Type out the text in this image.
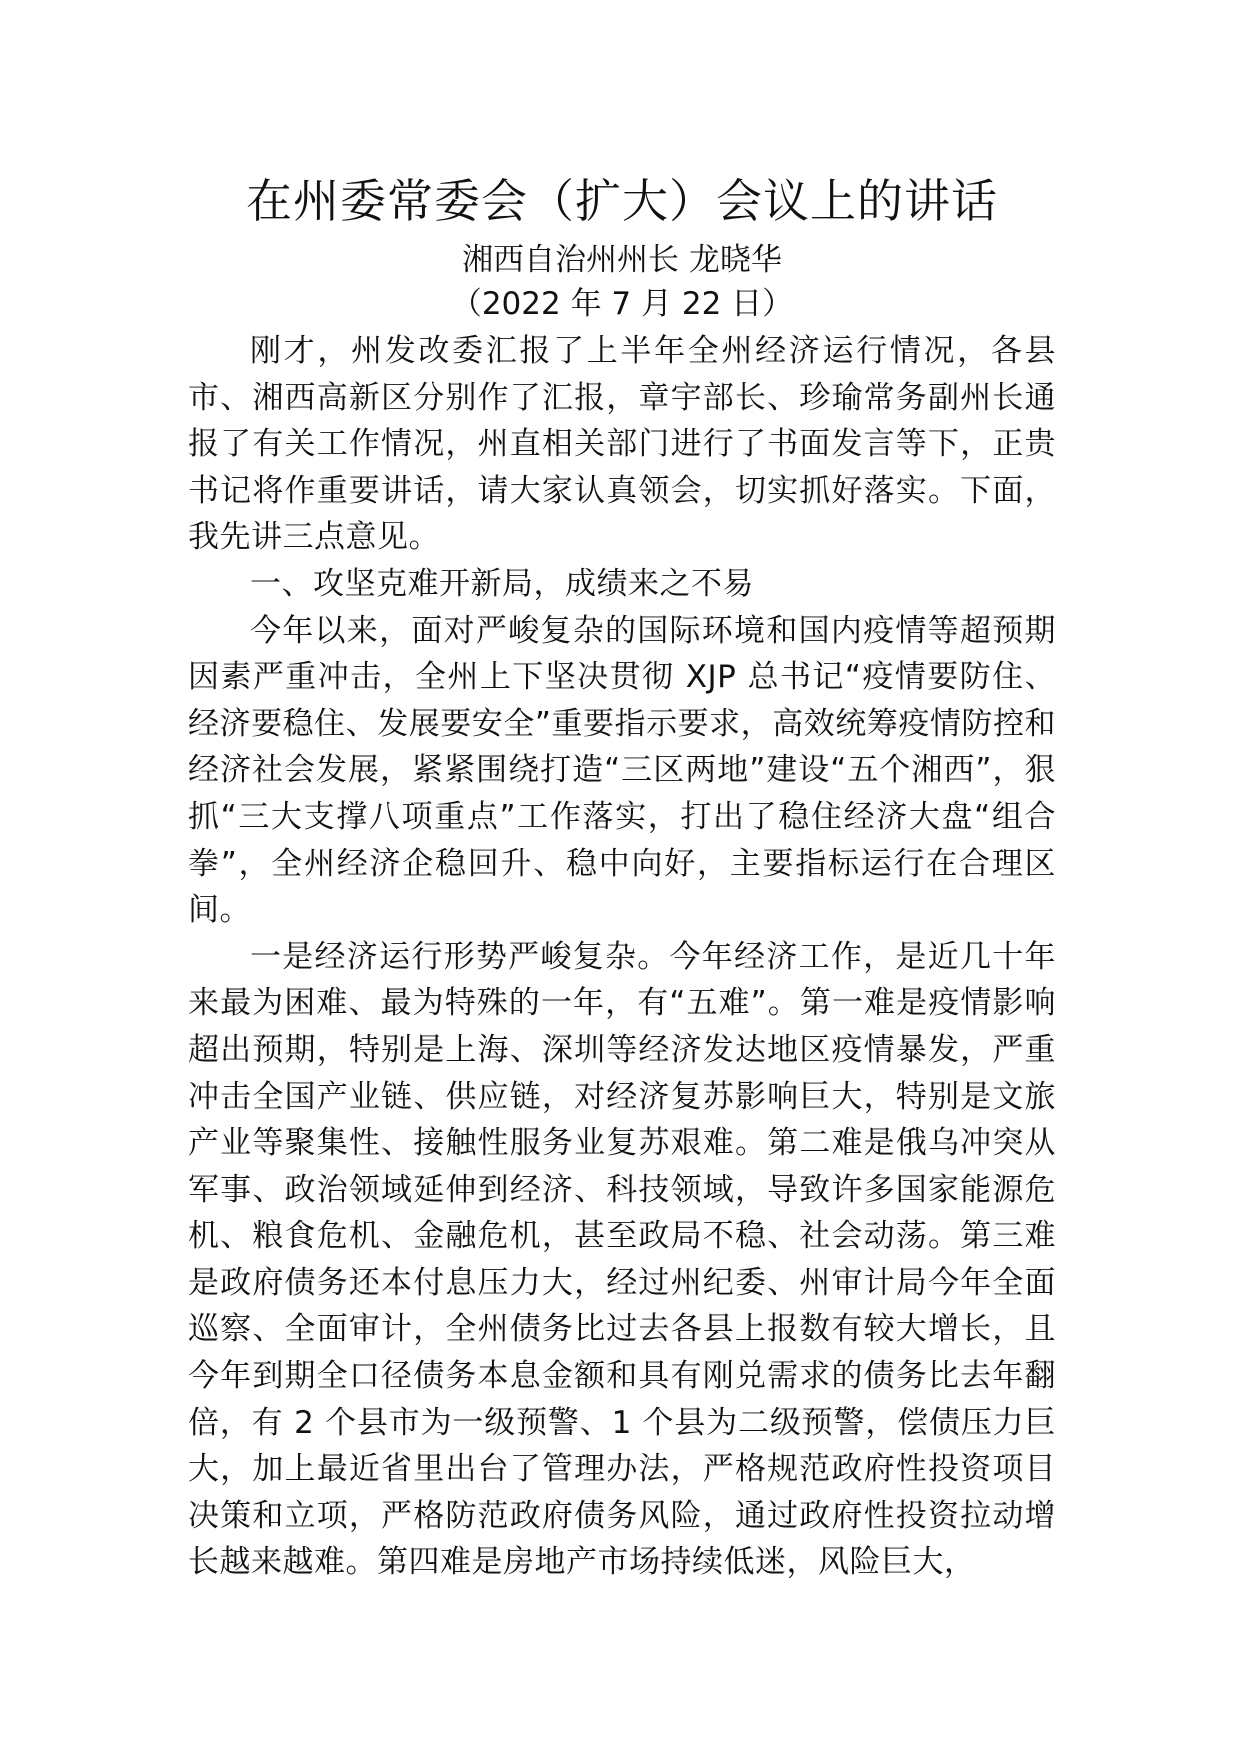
在州委常委会（扩大）会议上的讲话

湘西自治州州长 龙晓华

（2022 年 7 月 22 日）

刚才，州发改委汇报了上半年全州经济运行情况，各县市、湘西高新区分别作了汇报，章宇部长、珍瑜常务副州长通报了有关工作情况，州直相关部门进行了书面发言等下，正贵书记将作重要讲话，请大家认真领会，切实抓好落实。下面，我先讲三点意见。

一、攻坚克难开新局，成绩来之不易

今年以来，面对严峻复杂的国际环境和国内疫情等超预期因素严重冲击，全州上下坚决贯彻 XJP 总书记“疫情要防住、经济要稳住、发展要安全”重要指示要求，高效统筹疫情防控和经济社会发展，紧紧围绕打造“三区两地”建设“五个湘西”，狠抓“三大支撑八项重点”工作落实，打出了稳住经济大盘“组合拳”，全州经济企稳回升、稳中向好，主要指标运行在合理区间。

一是经济运行形势严峻复杂。今年经济工作，是近几十年来最为困难、最为特殊的一年，有“五难”。第一难是疫情影响超出预期，特别是上海、深圳等经济发达地区疫情暴发，严重冲击全国产业链、供应链，对经济复苏影响巨大，特别是文旅产业等聚集性、接触性服务业复苏艰难。第二难是俄乌冲突从军事、政治领域延伸到经济、科技领域，导致许多国家能源危机、粮食危机、金融危机，甚至政局不稳、社会动荡。第三难是政府债务还本付息压力大，经过州纪委、州审计局今年全面巡察、全面审计，全州债务比过去各县上报数有较大增长，且今年到期全口径债务本息金额和具有刚兑需求的债务比去年翻倍，有 2 个县市为一级预警、1 个县为二级预警，偿债压力巨大，加上最近省里出台了管理办法，严格规范政府性投资项目决策和立项，严格防范政府债务风险，通过政府性投资拉动增长越来越难。第四难是房地产市场持续低迷，风险巨大，
